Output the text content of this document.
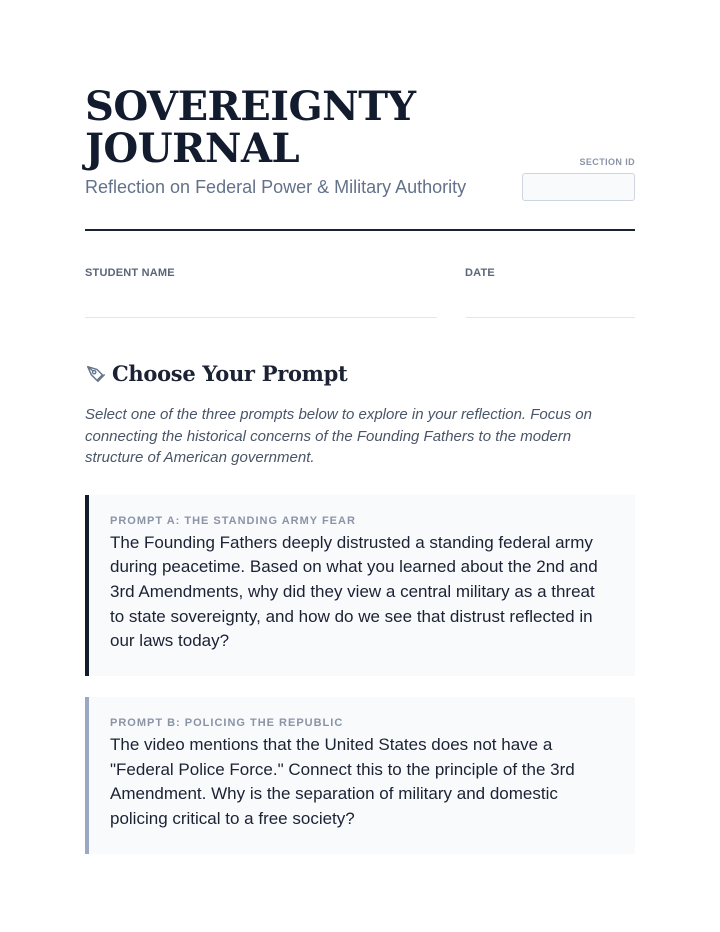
SOVEREIGNTY
JOURNAL
Reflection on Federal Power & Military Authority
SECTION ID
STUDENT NAME	DATE
Choose Your Prompt

Select one of the three prompts below to explore in your reflection. Focus on connecting the historical concerns of the Founding Fathers to the modern structure of American government.

PROMPT A: THE STANDING ARMY FEAR

The Founding Fathers deeply distrusted a standing federal army during peacetime. Based on what you learned about the 2nd and 3rd Amendments, why did they view a central military as a threat to state sovereignty, and how do we see that distrust reflected in our laws today?

PROMPT B: POLICING THE REPUBLIC

The video mentions that the United States does not have a "Federal Police Force." Connect this to the principle of the 3rd Amendment. Why is the separation of military and domestic policing critical to a free society?
